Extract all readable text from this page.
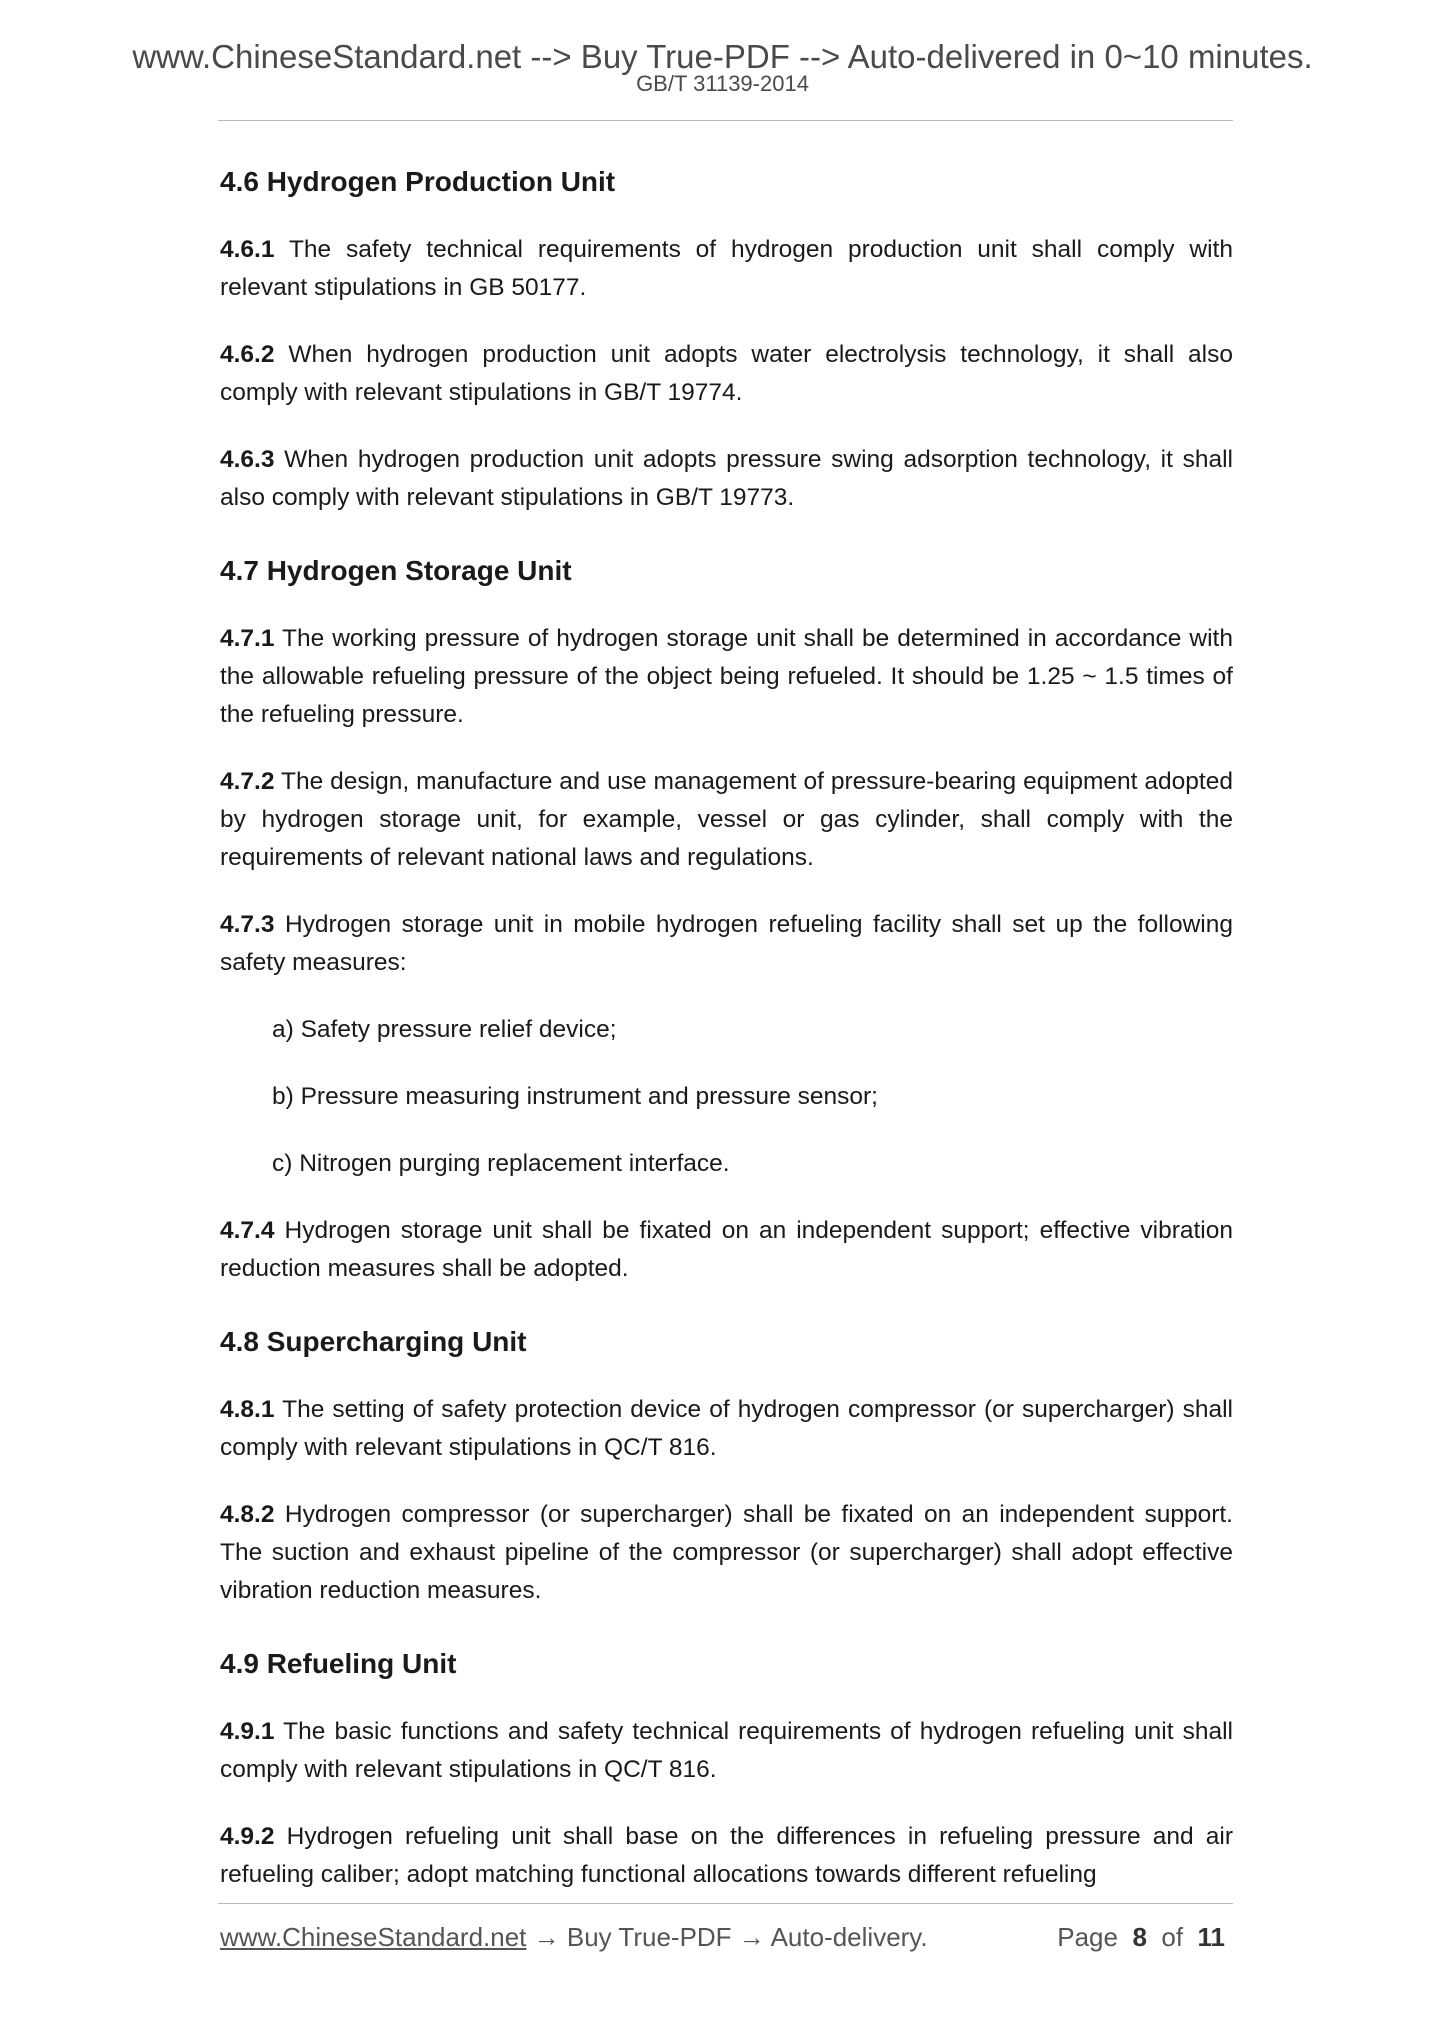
www.ChineseStandard.net --> Buy True-PDF --> Auto-delivered in 0~10 minutes.
GB/T 31139-2014
4.6 Hydrogen Production Unit

4.6.1 The safety technical requirements of hydrogen production unit shall comply with relevant stipulations in GB 50177.

4.6.2 When hydrogen production unit adopts water electrolysis technology, it shall also comply with relevant stipulations in GB/T 19774.

4.6.3 When hydrogen production unit adopts pressure swing adsorption technology, it shall also comply with relevant stipulations in GB/T 19773.

4.7 Hydrogen Storage Unit

4.7.1 The working pressure of hydrogen storage unit shall be determined in accordance with the allowable refueling pressure of the object being refueled. It should be 1.25 ~ 1.5 times of the refueling pressure.

4.7.2 The design, manufacture and use management of pressure-bearing equipment adopted by hydrogen storage unit, for example, vessel or gas cylinder, shall comply with the requirements of relevant national laws and regulations.

4.7.3 Hydrogen storage unit in mobile hydrogen refueling facility shall set up the following safety measures:

a) Safety pressure relief device;

b) Pressure measuring instrument and pressure sensor;

c) Nitrogen purging replacement interface.

4.7.4 Hydrogen storage unit shall be fixated on an independent support; effective vibration reduction measures shall be adopted.

4.8 Supercharging Unit

4.8.1 The setting of safety protection device of hydrogen compressor (or supercharger) shall comply with relevant stipulations in QC/T 816.

4.8.2 Hydrogen compressor (or supercharger) shall be fixated on an independent support. The suction and exhaust pipeline of the compressor (or supercharger) shall adopt effective vibration reduction measures.

4.9 Refueling Unit

4.9.1 The basic functions and safety technical requirements of hydrogen refueling unit shall comply with relevant stipulations in QC/T 816.

4.9.2 Hydrogen refueling unit shall base on the differences in refueling pressure and air refueling caliber; adopt matching functional allocations towards different refueling

www.ChineseStandard.net → Buy True-PDF → Auto-delivery.	Page 8 of 11
